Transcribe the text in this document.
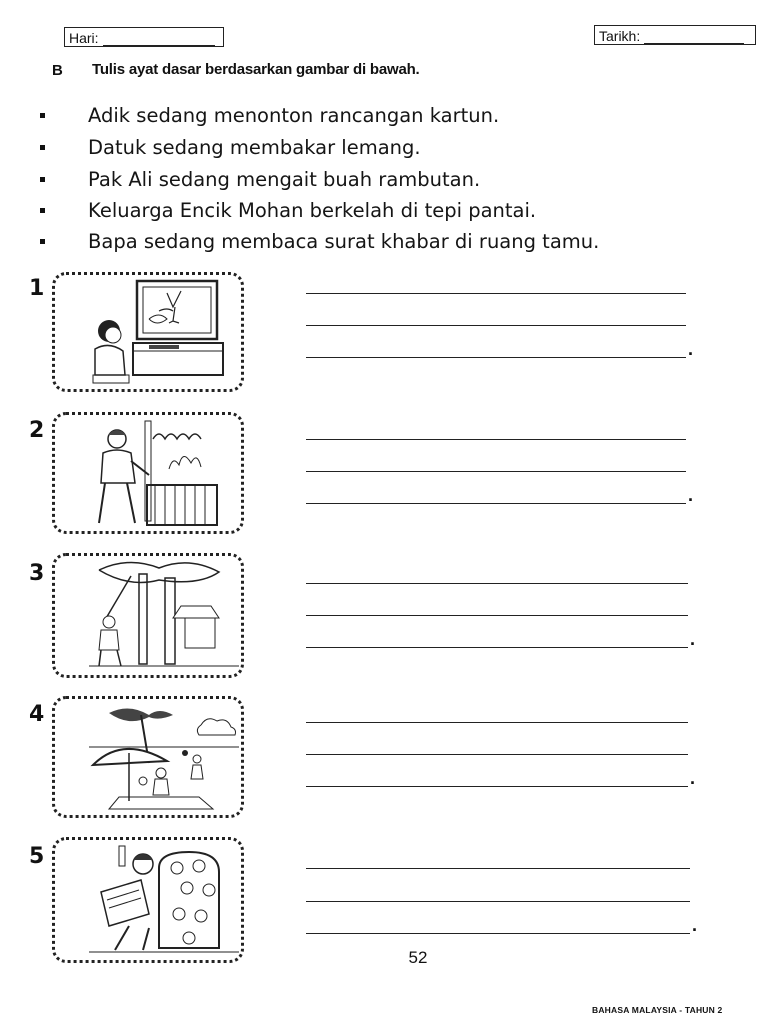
Hari:	Tarikh:
B Tulis ayat dasar berdasarkan gambar di bawah.
Adik sedang menonton rancangan kartun.
Datuk sedang membakar lemang.
Pak Ali sedang mengait buah rambutan.
Keluarga Encik Mohan berkelah di tepi pantai.
Bapa sedang membaca surat khabar di ruang tamu.
1
.
2
.
3
.
4
.
5
.
52
BAHASA MALAYSIA - TAHUN 2
